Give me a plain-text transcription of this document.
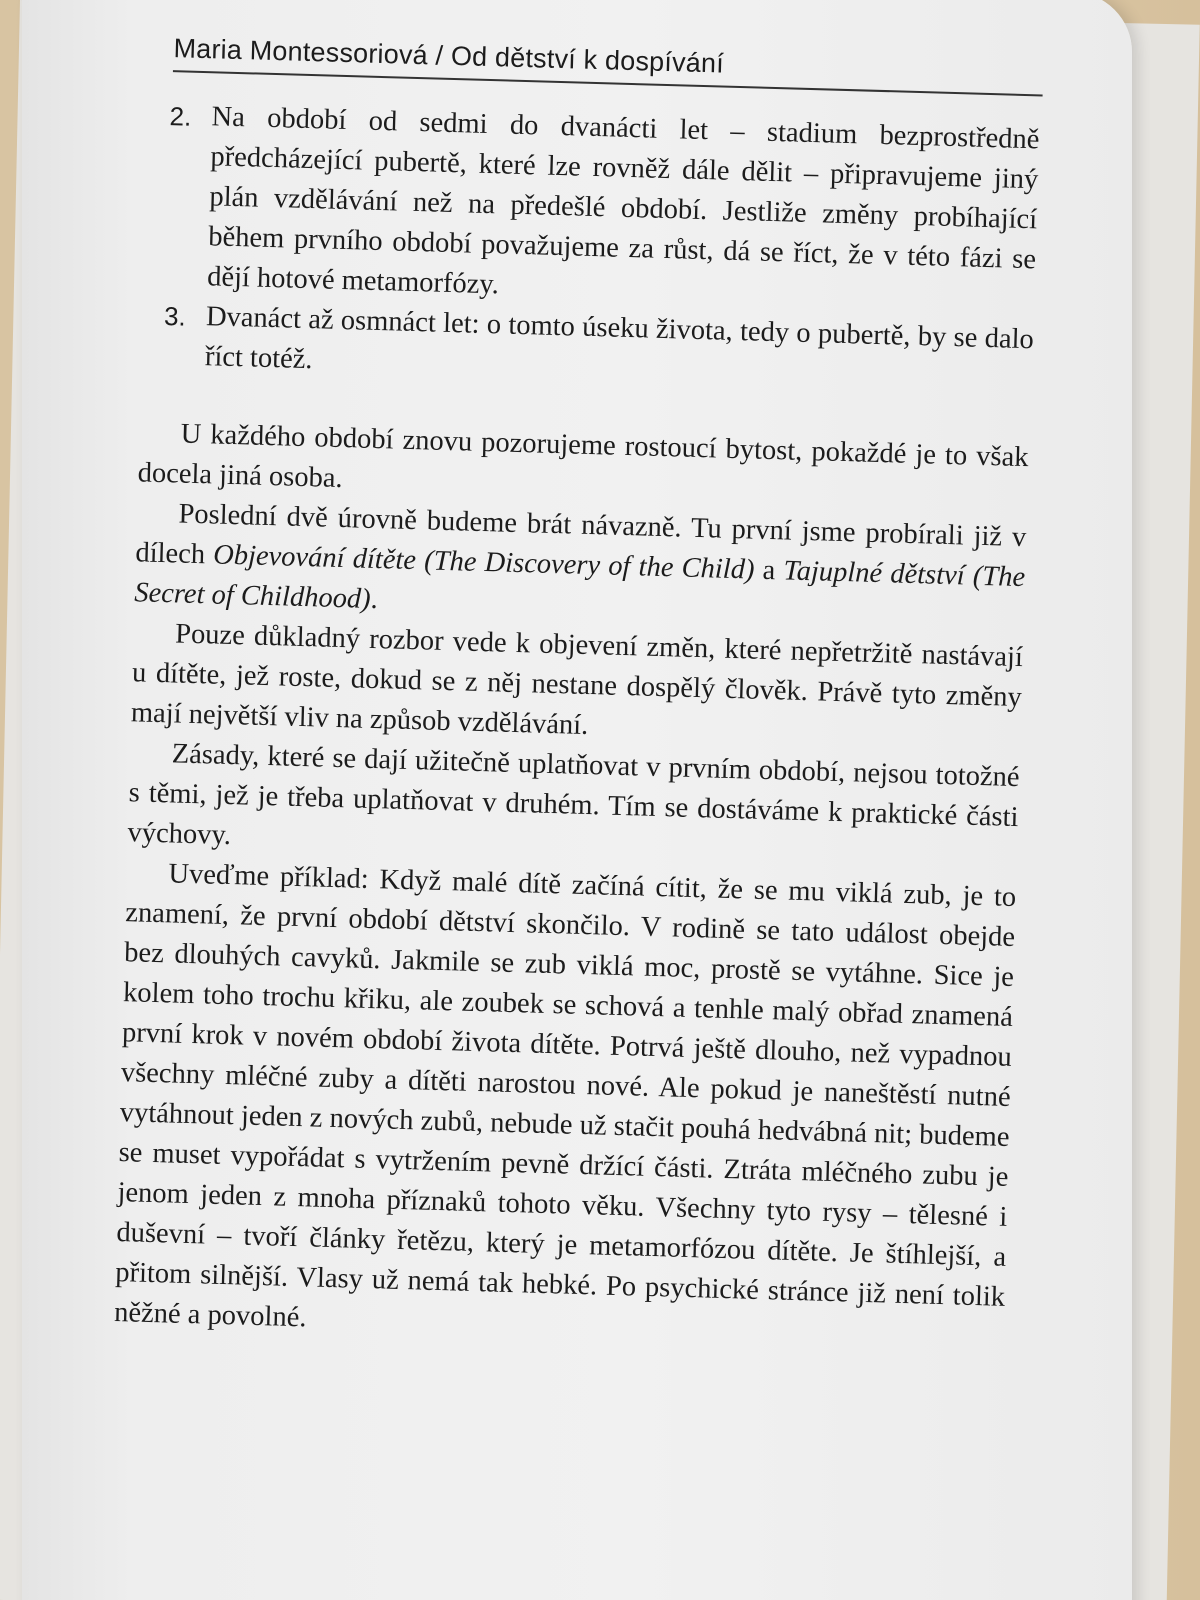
Maria Montessoriová / Od dětství k dospívání
2. Na období od sedmi do dvanácti let – stadium bezprostředně předcházející pubertě, které lze rovněž dále dělit – připravujeme jiný plán vzdělávání než na předešlé období. Jestliže změny probíhající během prvního období považujeme za růst, dá se říct, že v této fázi se dějí hotové metamorfózy.
3. Dvanáct až osmnáct let: o tomto úseku života, tedy o pubertě, by se dalo říct totéž.

U každého období znovu pozorujeme rostoucí bytost, pokaždé je to však docela jiná osoba.

Poslední dvě úrovně budeme brát návazně. Tu první jsme probírali již v dílech Objevování dítěte (The Discovery of the Child) a Tajuplné dětství (The Secret of Childhood).

Pouze důkladný rozbor vede k objevení změn, které nepřetržitě nastávají u dítěte, jež roste, dokud se z něj nestane dospělý člověk. Právě tyto změny mají největší vliv na způsob vzdělávání.

Zásady, které se dají užitečně uplatňovat v prvním období, nejsou totožné s těmi, jež je třeba uplatňovat v druhém. Tím se dostáváme k praktické části výchovy.

Uveďme příklad: Když malé dítě začíná cítit, že se mu viklá zub, je to znamení, že první období dětství skončilo. V rodině se tato událost obejde bez dlouhých cavyků. Jakmile se zub viklá moc, prostě se vytáhne. Sice je kolem toho trochu křiku, ale zoubek se schová a tenhle malý obřad znamená první krok v novém období života dítěte. Potrvá ještě dlouho, než vypadnou všechny mléčné zuby a dítěti narostou nové. Ale pokud je naneštěstí nutné vytáhnout jeden z nových zubů, nebude už stačit pouhá hedvábná nit; budeme se muset vypořádat s vytržením pevně držící části. Ztráta mléčného zubu je jenom jeden z mnoha příznaků tohoto věku. Všechny tyto rysy – tělesné i duševní – tvoří články řetězu, který je metamorfózou dítěte. Je štíhlejší, a přitom silnější. Vlasy už nemá tak hebké. Po psychické stránce již není tolik něžné a povolné.
